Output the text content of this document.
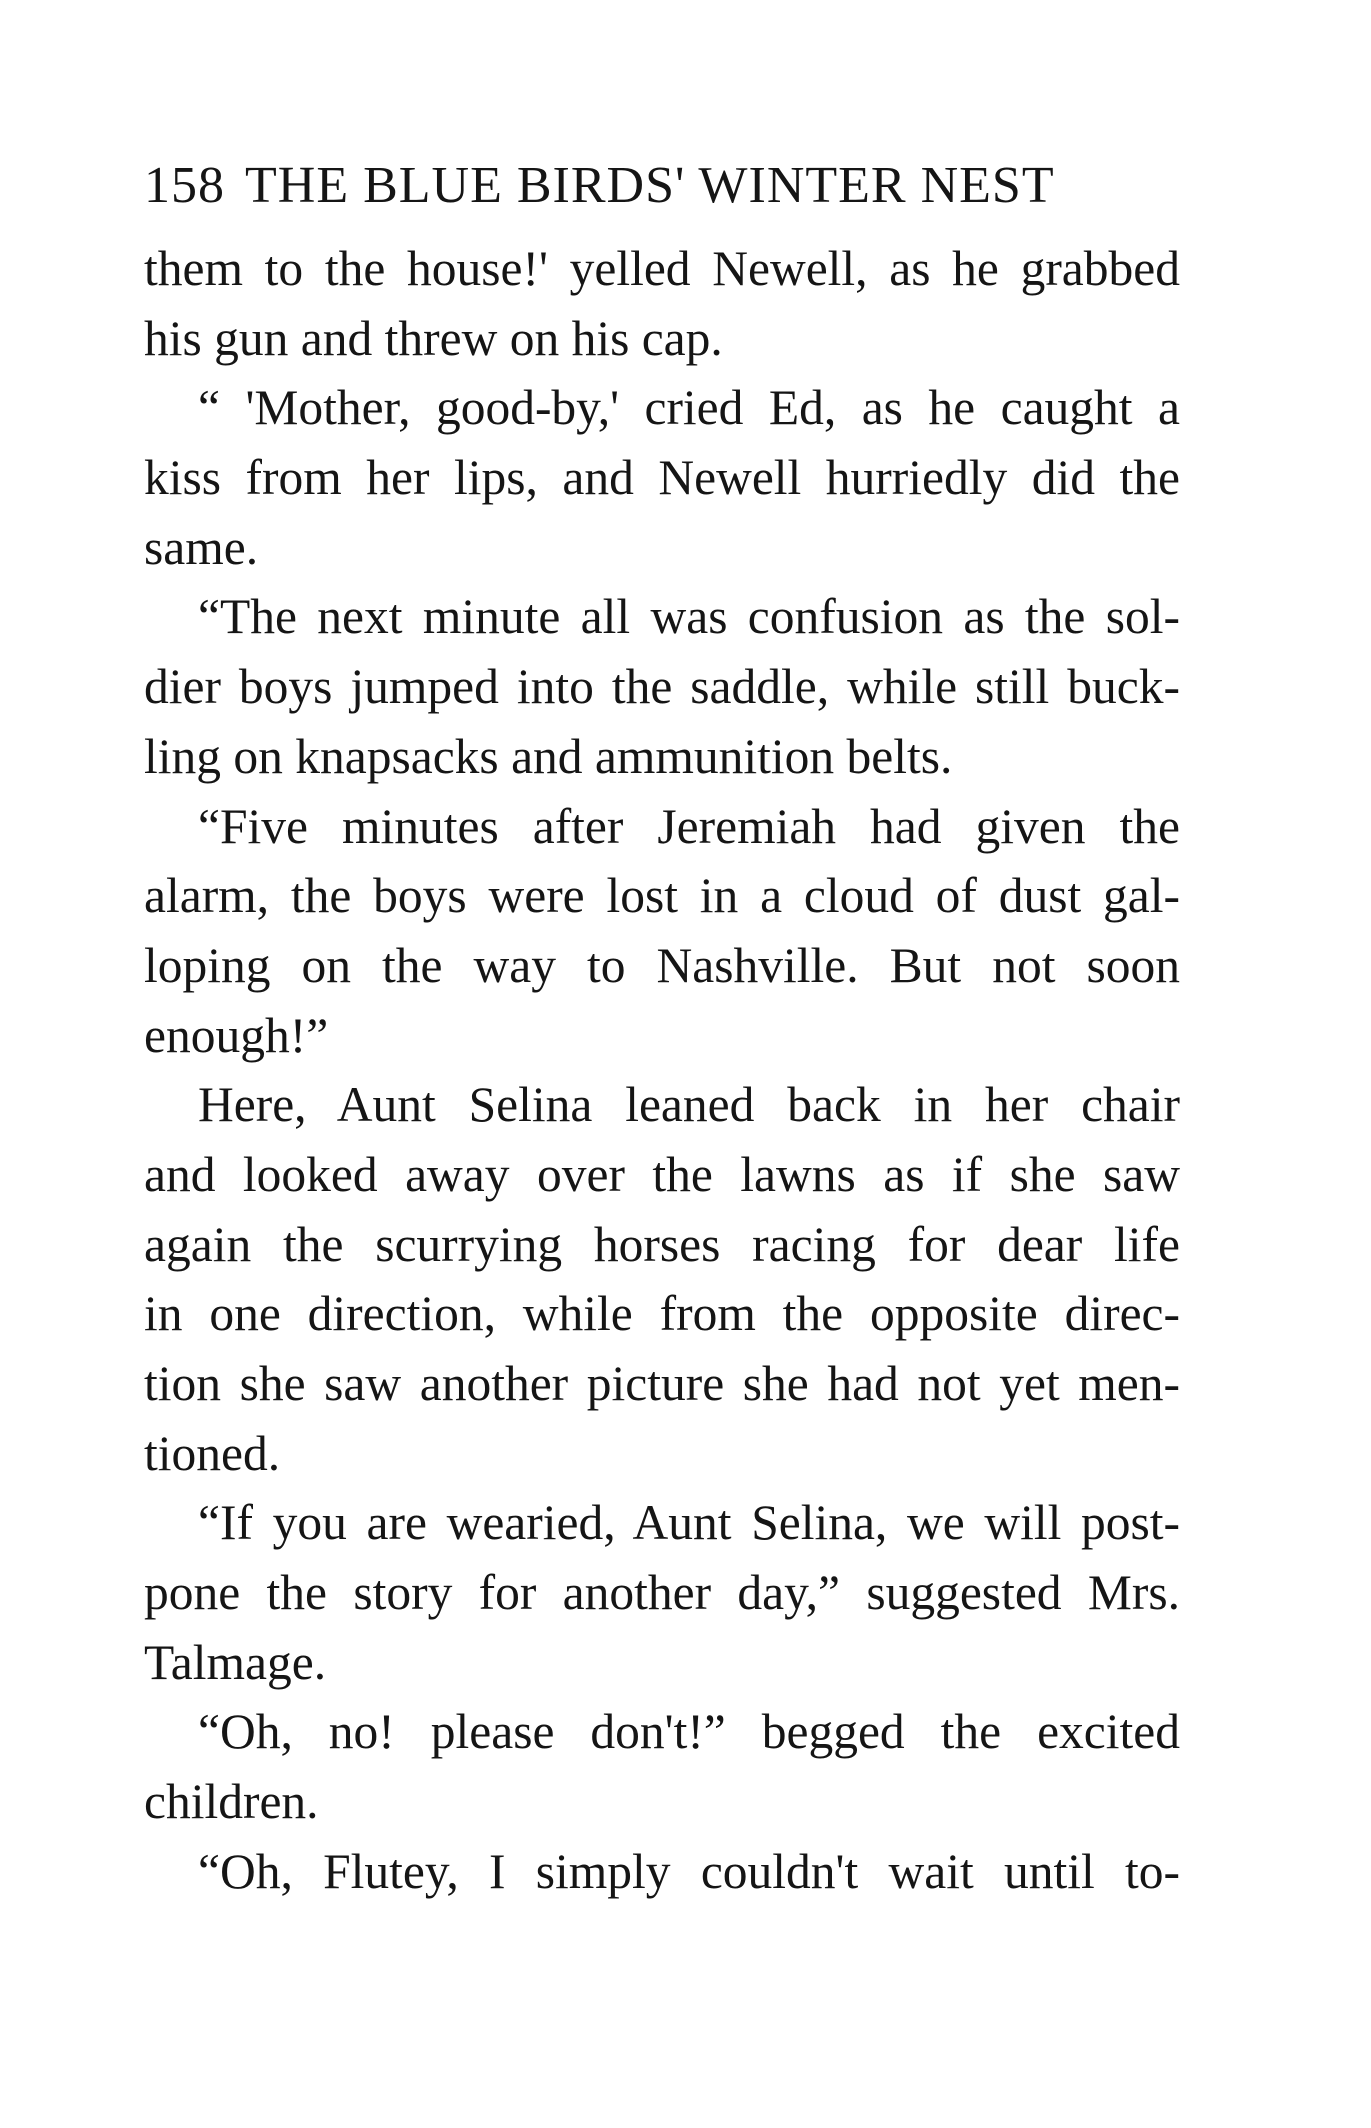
158 THE BLUE BIRDS' WINTER NEST
them to the house!' yelled Newell, as he grabbed
his gun and threw on his cap.
“ 'Mother, good-by,' cried Ed, as he caught a
kiss from her lips, and Newell hurriedly did the
same.
“The next minute all was confusion as the sol-
dier boys jumped into the saddle, while still buck-
ling on knapsacks and ammunition belts.
“Five minutes after Jeremiah had given the
alarm, the boys were lost in a cloud of dust gal-
loping on the way to Nashville. But not soon
enough!”
Here, Aunt Selina leaned back in her chair
and looked away over the lawns as if she saw
again the scurrying horses racing for dear life
in one direction, while from the opposite direc-
tion she saw another picture she had not yet men-
tioned.
“If you are wearied, Aunt Selina, we will post-
pone the story for another day,” suggested Mrs.
Talmage.
“Oh, no! please don't!” begged the excited
children.
“Oh, Flutey, I simply couldn't wait until to-
